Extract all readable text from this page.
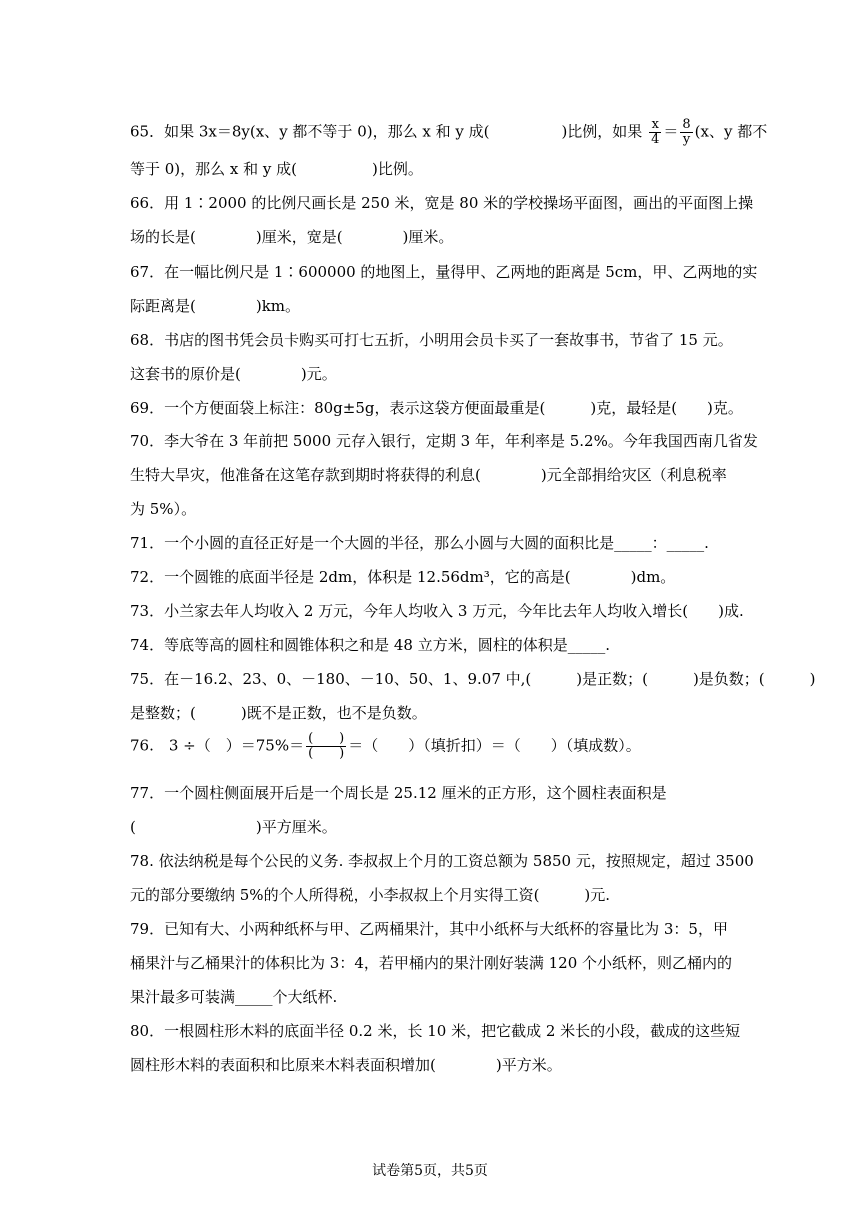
65．如果 3x＝8y(x、y 都不等于 0)，那么 x 和 y 成(	)比例，如果 $\frac{x}{4} = \frac{8}{y} (x$、y 都不
等于 0)，那么 x 和 y 成(　　　　　)比例。
66．用 1∶2000 的比例尺画长是 250 米，宽是 80 米的学校操场平面图，画出的平面图上操
场的长是(　　　　)厘米，宽是(　　　　)厘米。
67．在一幅比例尺是 1∶600000 的地图上，量得甲、乙两地的距离是 5cm，甲、乙两地的实
际距离是(　　　　)km。
68．书店的图书凭会员卡购买可打七五折，小明用会员卡买了一套故事书，节省了 15 元。
这套书的原价是(　　　　)元。
69．一个方便面袋上标注：80g±5g，表示这袋方便面最重是(　　　)克，最轻是(　　)克。
70．李大爷在 3 年前把 5000 元存入银行，定期 3 年，年利率是 5.2%。今年我国西南几省发
生特大旱灾，他准备在这笔存款到期时将获得的利息(　　　　)元全部捐给灾区（利息税率
为 5%）。
71．一个小圆的直径正好是一个大圆的半径，那么小圆与大圆的面积比是_____：_____.
72．一个圆锥的底面半径是 2dm，体积是 12.56dm³，它的高是(　　　　)dm。
73．小兰家去年人均收入 2 万元，今年人均收入 3 万元，今年比去年人均收入增长(　　)成.
74．等底等高的圆柱和圆锥体积之和是 48 立方米，圆柱的体积是_____.
75．在－16.2、23、0、－180、－10、50、1、9.07 中,(　　　)是正数；(　　　)是负数；(　　　)
是整数；(　　　)既不是正数，也不是负数。
76.　3 ÷（　）$=75\%= \frac{( )}{( )}$ ＝（　　）（填折扣）＝（　　）（填成数）。
77．一个圆柱侧面展开后是一个周长是 25.12 厘米的正方形，这个圆柱表面积是
(　　　　　　　　)平方厘米。
78. 依法纳税是每个公民的义务. 李叔叔上个月的工资总额为 5850 元，按照规定，超过 3500
元的部分要缴纳 5%的个人所得税，小李叔叔上个月实得工资(　　　)元.
79．已知有大、小两种纸杯与甲、乙两桶果汁，其中小纸杯与大纸杯的容量比为 3：5，甲
桶果汁与乙桶果汁的体积比为 3：4，若甲桶内的果汁刚好装满 120 个小纸杯，则乙桶内的
果汁最多可装满_____个大纸杯.
80．一根圆柱形木料的底面半径 0.2 米，长 10 米，把它截成 2 米长的小段，截成的这些短
圆柱形木料的表面积和比原来木料表面积增加(　　　　)平方米。
试卷第5页，共5页
